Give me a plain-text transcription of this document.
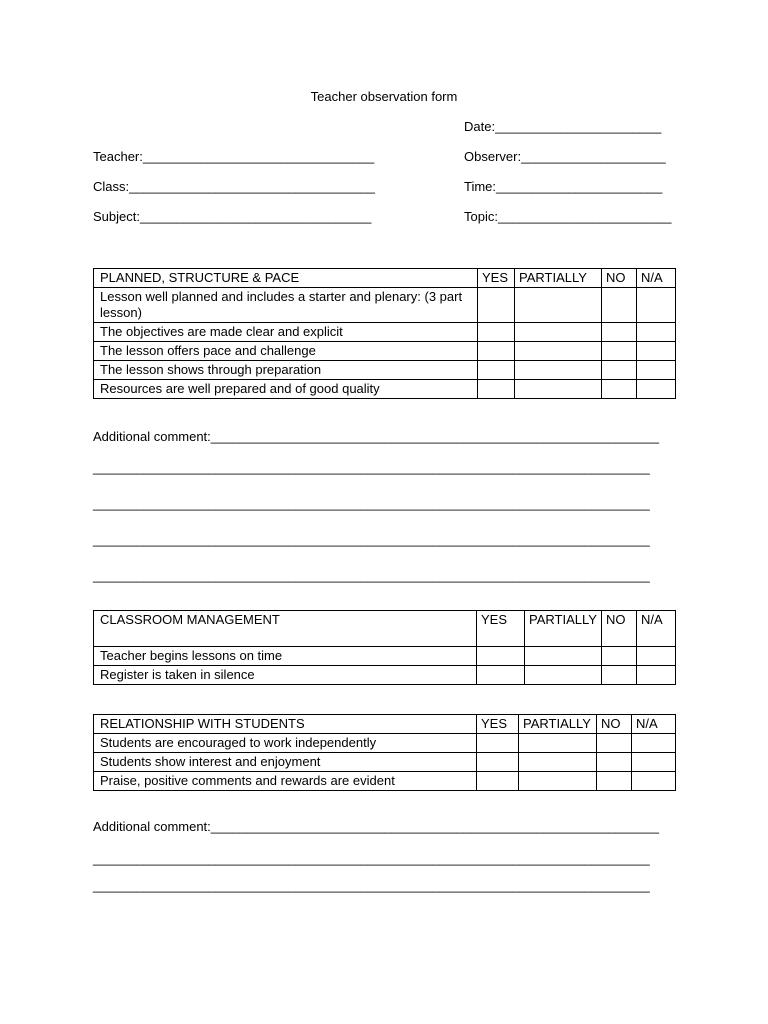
Teacher observation form
Date:_______________________
Teacher:________________________________	Observer:____________________
Class:__________________________________	Time:_______________________
Subject:________________________________	Topic:________________________
PLANNED, STRUCTURE & PACE	YES	PARTIALLY	NO	N/A
Lesson well planned and includes a starter and plenary: (3 part lesson)				
The objectives are made clear and explicit				
The lesson offers pace and challenge				
The lesson shows through preparation				
Resources are well prepared and of good quality				
Additional comment:______________________________________________________________
_____________________________________________________________________________
_____________________________________________________________________________
_____________________________________________________________________________
_____________________________________________________________________________
CLASSROOM MANAGEMENT	YES	PARTIALLY	NO	N/A
Teacher begins lessons on time				
Register is taken in silence				
RELATIONSHIP WITH STUDENTS	YES	PARTIALLY	NO	N/A
Students are encouraged to work independently				
Students show interest and enjoyment				
Praise, positive comments and rewards are evident				
Additional comment:______________________________________________________________
_____________________________________________________________________________
_____________________________________________________________________________
